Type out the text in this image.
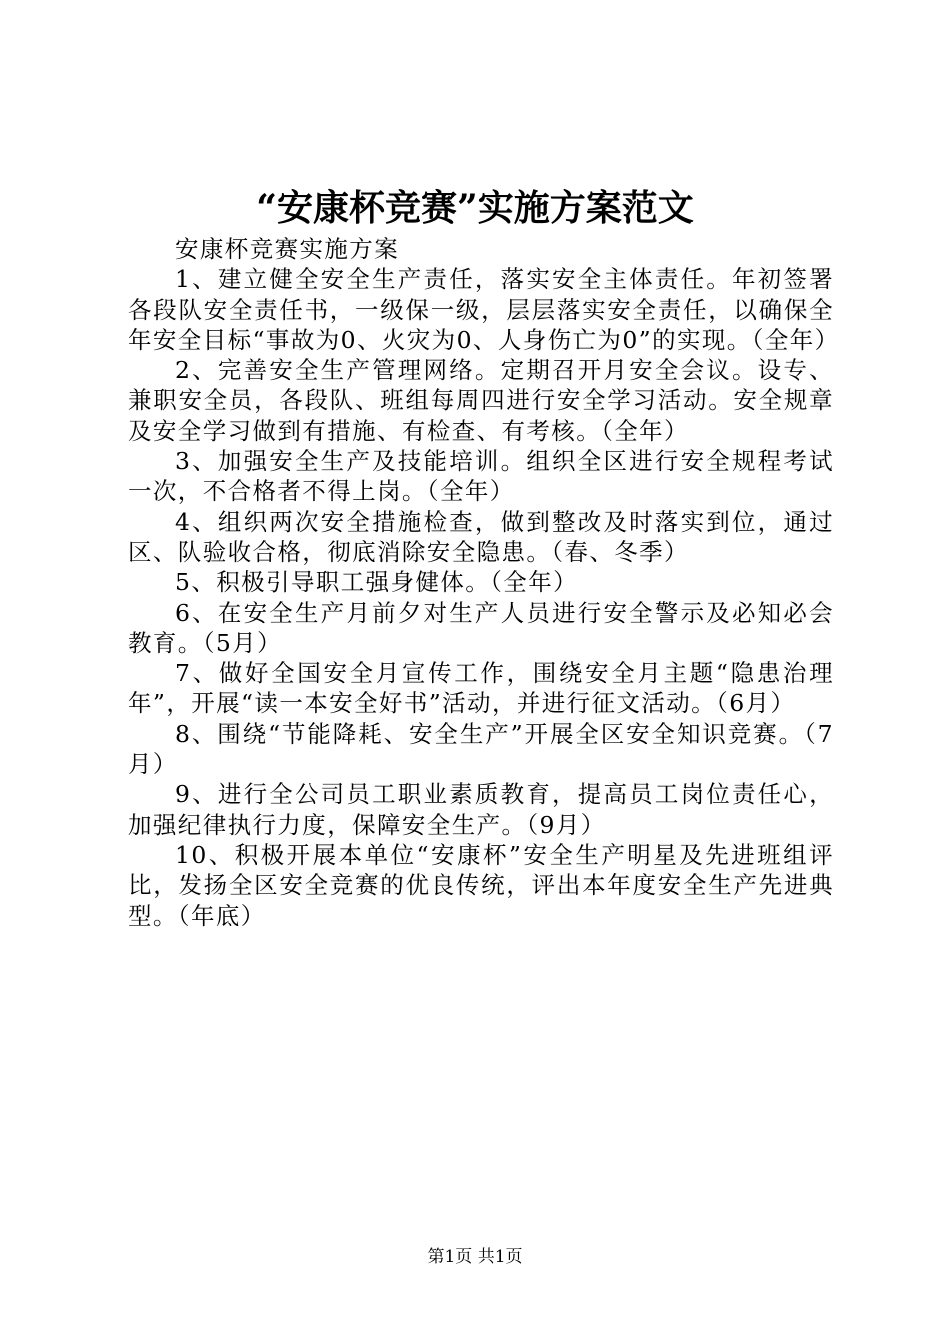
“安康杯竞赛”实施方案范文

安康杯竞赛实施方案

1、建立健全安全生产责任，落实安全主体责任。年初签署各段队安全责任书，一级保一级，层层落实安全责任，以确保全年安全目标“事故为0、火灾为0、人身伤亡为0”的实现。（全年）

2、完善安全生产管理网络。定期召开月安全会议。设专、兼职安全员，各段队、班组每周四进行安全学习活动。安全规章及安全学习做到有措施、有检查、有考核。（全年）

3、加强安全生产及技能培训。组织全区进行安全规程考试一次，不合格者不得上岗。（全年）

4、组织两次安全措施检查，做到整改及时落实到位，通过区、队验收合格，彻底消除安全隐患。（春、冬季）

5、积极引导职工强身健体。（全年）

6、在安全生产月前夕对生产人员进行安全警示及必知必会教育。（5月）

7、做好全国安全月宣传工作，围绕安全月主题“隐患治理年”，开展“读一本安全好书”活动，并进行征文活动。（6月）

8、围绕“节能降耗、安全生产”开展全区安全知识竞赛。（7月）

9、进行全公司员工职业素质教育，提高员工岗位责任心，加强纪律执行力度，保障安全生产。（9月）

10、积极开展本单位“安康杯”安全生产明星及先进班组评比，发扬全区安全竞赛的优良传统，评出本年度安全生产先进典型。（年底）

第1页 共1页
